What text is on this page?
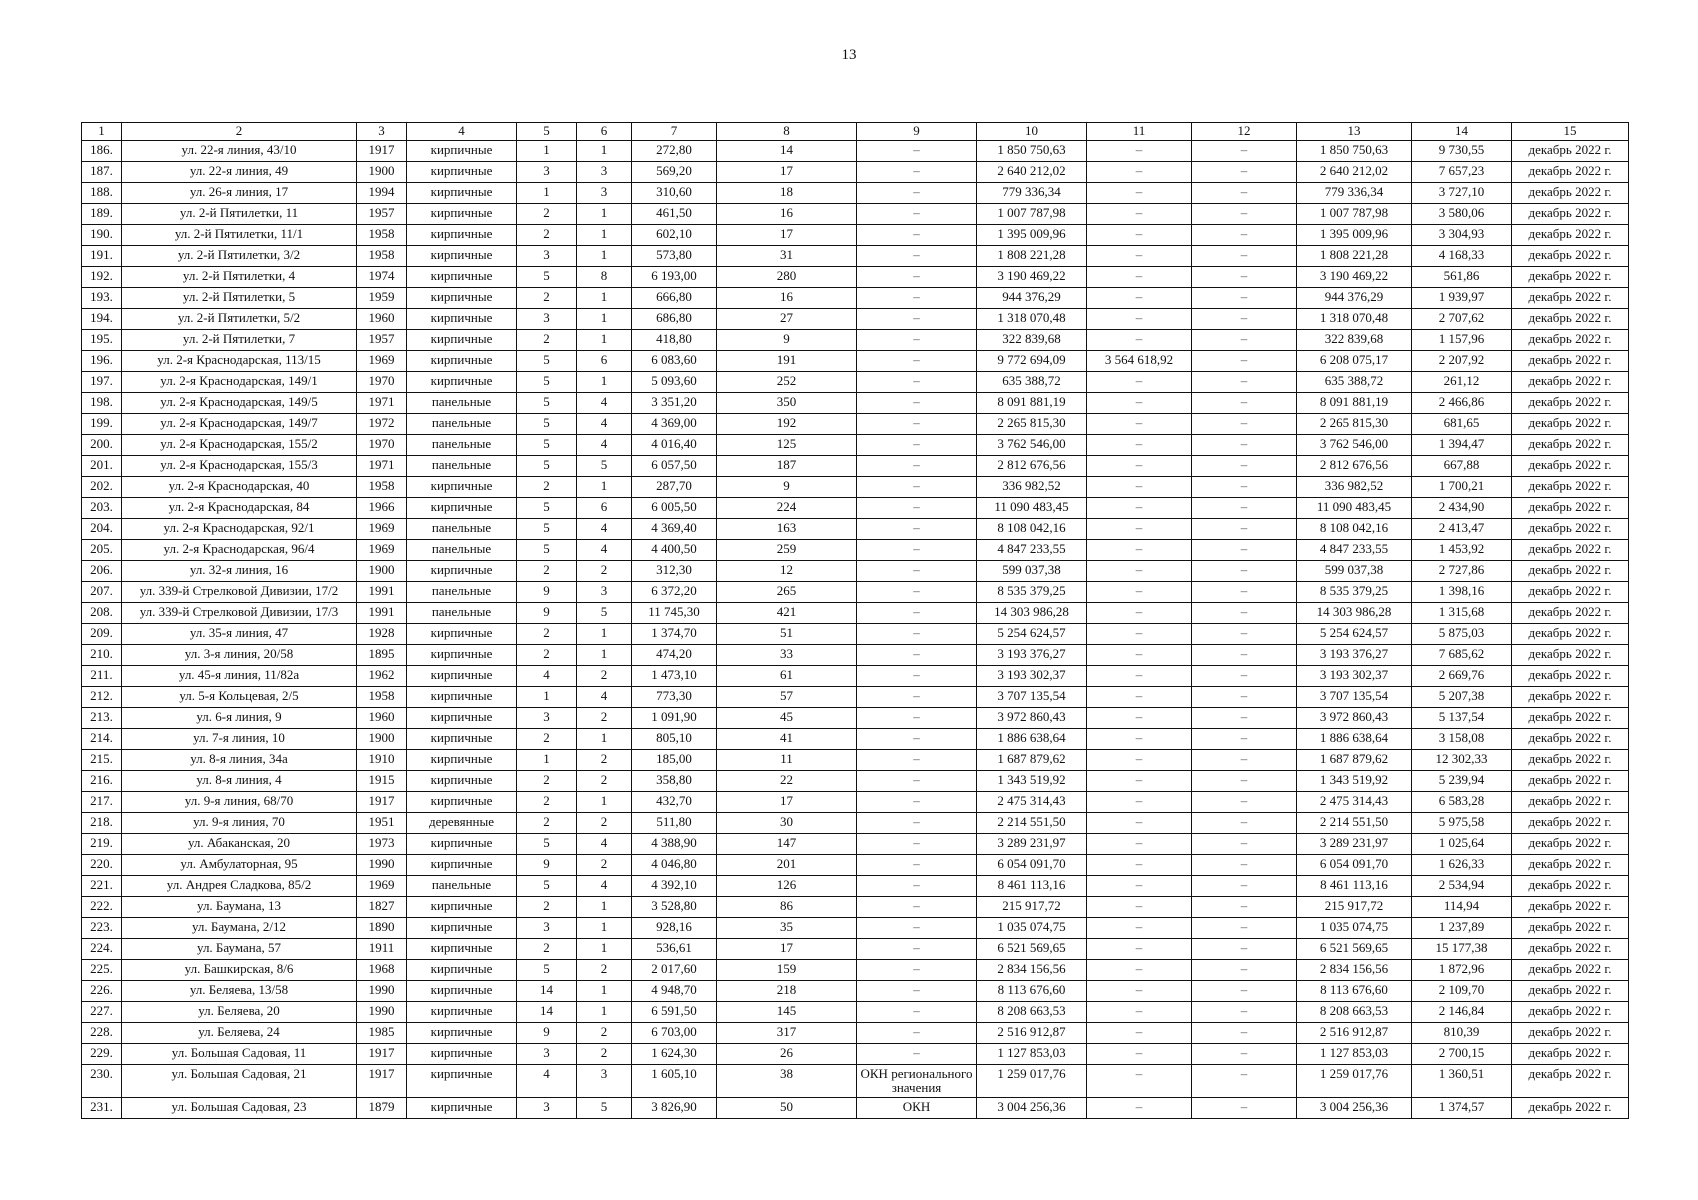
13
1	2	3	4	5	6	7	8	9	10	11	12	13	14	15
186.	ул. 22-я линия, 43/10	1917	кирпичные	1	1	272,80	14	–	1 850 750,63	–	–	1 850 750,63	9 730,55	декабрь 2022 г.
187.	ул. 22-я линия, 49	1900	кирпичные	3	3	569,20	17	–	2 640 212,02	–	–	2 640 212,02	7 657,23	декабрь 2022 г.
188.	ул. 26-я линия, 17	1994	кирпичные	1	3	310,60	18	–	779 336,34	–	–	779 336,34	3 727,10	декабрь 2022 г.
189.	ул. 2-й Пятилетки, 11	1957	кирпичные	2	1	461,50	16	–	1 007 787,98	–	–	1 007 787,98	3 580,06	декабрь 2022 г.
190.	ул. 2-й Пятилетки, 11/1	1958	кирпичные	2	1	602,10	17	–	1 395 009,96	–	–	1 395 009,96	3 304,93	декабрь 2022 г.
191.	ул. 2-й Пятилетки, 3/2	1958	кирпичные	3	1	573,80	31	–	1 808 221,28	–	–	1 808 221,28	4 168,33	декабрь 2022 г.
192.	ул. 2-й Пятилетки, 4	1974	кирпичные	5	8	6 193,00	280	–	3 190 469,22	–	–	3 190 469,22	561,86	декабрь 2022 г.
193.	ул. 2-й Пятилетки, 5	1959	кирпичные	2	1	666,80	16	–	944 376,29	–	–	944 376,29	1 939,97	декабрь 2022 г.
194.	ул. 2-й Пятилетки, 5/2	1960	кирпичные	3	1	686,80	27	–	1 318 070,48	–	–	1 318 070,48	2 707,62	декабрь 2022 г.
195.	ул. 2-й Пятилетки, 7	1957	кирпичные	2	1	418,80	9	–	322 839,68	–	–	322 839,68	1 157,96	декабрь 2022 г.
196.	ул. 2-я Краснодарская, 113/15	1969	кирпичные	5	6	6 083,60	191	–	9 772 694,09	3 564 618,92	–	6 208 075,17	2 207,92	декабрь 2022 г.
197.	ул. 2-я Краснодарская, 149/1	1970	кирпичные	5	1	5 093,60	252	–	635 388,72	–	–	635 388,72	261,12	декабрь 2022 г.
198.	ул. 2-я Краснодарская, 149/5	1971	панельные	5	4	3 351,20	350	–	8 091 881,19	–	–	8 091 881,19	2 466,86	декабрь 2022 г.
199.	ул. 2-я Краснодарская, 149/7	1972	панельные	5	4	4 369,00	192	–	2 265 815,30	–	–	2 265 815,30	681,65	декабрь 2022 г.
200.	ул. 2-я Краснодарская, 155/2	1970	панельные	5	4	4 016,40	125	–	3 762 546,00	–	–	3 762 546,00	1 394,47	декабрь 2022 г.
201.	ул. 2-я Краснодарская, 155/3	1971	панельные	5	5	6 057,50	187	–	2 812 676,56	–	–	2 812 676,56	667,88	декабрь 2022 г.
202.	ул. 2-я Краснодарская, 40	1958	кирпичные	2	1	287,70	9	–	336 982,52	–	–	336 982,52	1 700,21	декабрь 2022 г.
203.	ул. 2-я Краснодарская, 84	1966	кирпичные	5	6	6 005,50	224	–	11 090 483,45	–	–	11 090 483,45	2 434,90	декабрь 2022 г.
204.	ул. 2-я Краснодарская, 92/1	1969	панельные	5	4	4 369,40	163	–	8 108 042,16	–	–	8 108 042,16	2 413,47	декабрь 2022 г.
205.	ул. 2-я Краснодарская, 96/4	1969	панельные	5	4	4 400,50	259	–	4 847 233,55	–	–	4 847 233,55	1 453,92	декабрь 2022 г.
206.	ул. 32-я линия, 16	1900	кирпичные	2	2	312,30	12	–	599 037,38	–	–	599 037,38	2 727,86	декабрь 2022 г.
207.	ул. 339-й Стрелковой Дивизии, 17/2	1991	панельные	9	3	6 372,20	265	–	8 535 379,25	–	–	8 535 379,25	1 398,16	декабрь 2022 г.
208.	ул. 339-й Стрелковой Дивизии, 17/3	1991	панельные	9	5	11 745,30	421	–	14 303 986,28	–	–	14 303 986,28	1 315,68	декабрь 2022 г.
209.	ул. 35-я линия, 47	1928	кирпичные	2	1	1 374,70	51	–	5 254 624,57	–	–	5 254 624,57	5 875,03	декабрь 2022 г.
210.	ул. 3-я линия, 20/58	1895	кирпичные	2	1	474,20	33	–	3 193 376,27	–	–	3 193 376,27	7 685,62	декабрь 2022 г.
211.	ул. 45-я линия, 11/82а	1962	кирпичные	4	2	1 473,10	61	–	3 193 302,37	–	–	3 193 302,37	2 669,76	декабрь 2022 г.
212.	ул. 5-я Кольцевая, 2/5	1958	кирпичные	1	4	773,30	57	–	3 707 135,54	–	–	3 707 135,54	5 207,38	декабрь 2022 г.
213.	ул. 6-я линия, 9	1960	кирпичные	3	2	1 091,90	45	–	3 972 860,43	–	–	3 972 860,43	5 137,54	декабрь 2022 г.
214.	ул. 7-я линия, 10	1900	кирпичные	2	1	805,10	41	–	1 886 638,64	–	–	1 886 638,64	3 158,08	декабрь 2022 г.
215.	ул. 8-я линия, 34а	1910	кирпичные	1	2	185,00	11	–	1 687 879,62	–	–	1 687 879,62	12 302,33	декабрь 2022 г.
216.	ул. 8-я линия, 4	1915	кирпичные	2	2	358,80	22	–	1 343 519,92	–	–	1 343 519,92	5 239,94	декабрь 2022 г.
217.	ул. 9-я линия, 68/70	1917	кирпичные	2	1	432,70	17	–	2 475 314,43	–	–	2 475 314,43	6 583,28	декабрь 2022 г.
218.	ул. 9-я линия, 70	1951	деревянные	2	2	511,80	30	–	2 214 551,50	–	–	2 214 551,50	5 975,58	декабрь 2022 г.
219.	ул. Абаканская, 20	1973	кирпичные	5	4	4 388,90	147	–	3 289 231,97	–	–	3 289 231,97	1 025,64	декабрь 2022 г.
220.	ул. Амбулаторная, 95	1990	кирпичные	9	2	4 046,80	201	–	6 054 091,70	–	–	6 054 091,70	1 626,33	декабрь 2022 г.
221.	ул. Андрея Сладкова, 85/2	1969	панельные	5	4	4 392,10	126	–	8 461 113,16	–	–	8 461 113,16	2 534,94	декабрь 2022 г.
222.	ул. Баумана, 13	1827	кирпичные	2	1	3 528,80	86	–	215 917,72	–	–	215 917,72	114,94	декабрь 2022 г.
223.	ул. Баумана, 2/12	1890	кирпичные	3	1	928,16	35	–	1 035 074,75	–	–	1 035 074,75	1 237,89	декабрь 2022 г.
224.	ул. Баумана, 57	1911	кирпичные	2	1	536,61	17	–	6 521 569,65	–	–	6 521 569,65	15 177,38	декабрь 2022 г.
225.	ул. Башкирская, 8/6	1968	кирпичные	5	2	2 017,60	159	–	2 834 156,56	–	–	2 834 156,56	1 872,96	декабрь 2022 г.
226.	ул. Беляева, 13/58	1990	кирпичные	14	1	4 948,70	218	–	8 113 676,60	–	–	8 113 676,60	2 109,70	декабрь 2022 г.
227.	ул. Беляева, 20	1990	кирпичные	14	1	6 591,50	145	–	8 208 663,53	–	–	8 208 663,53	2 146,84	декабрь 2022 г.
228.	ул. Беляева, 24	1985	кирпичные	9	2	6 703,00	317	–	2 516 912,87	–	–	2 516 912,87	810,39	декабрь 2022 г.
229.	ул. Большая Садовая, 11	1917	кирпичные	3	2	1 624,30	26	–	1 127 853,03	–	–	1 127 853,03	2 700,15	декабрь 2022 г.
230.	ул. Большая Садовая, 21	1917	кирпичные	4	3	1 605,10	38	ОКН регионального значения	1 259 017,76	–	–	1 259 017,76	1 360,51	декабрь 2022 г.
231.	ул. Большая Садовая, 23	1879	кирпичные	3	5	3 826,90	50	ОКН	3 004 256,36	–	–	3 004 256,36	1 374,57	декабрь 2022 г.
